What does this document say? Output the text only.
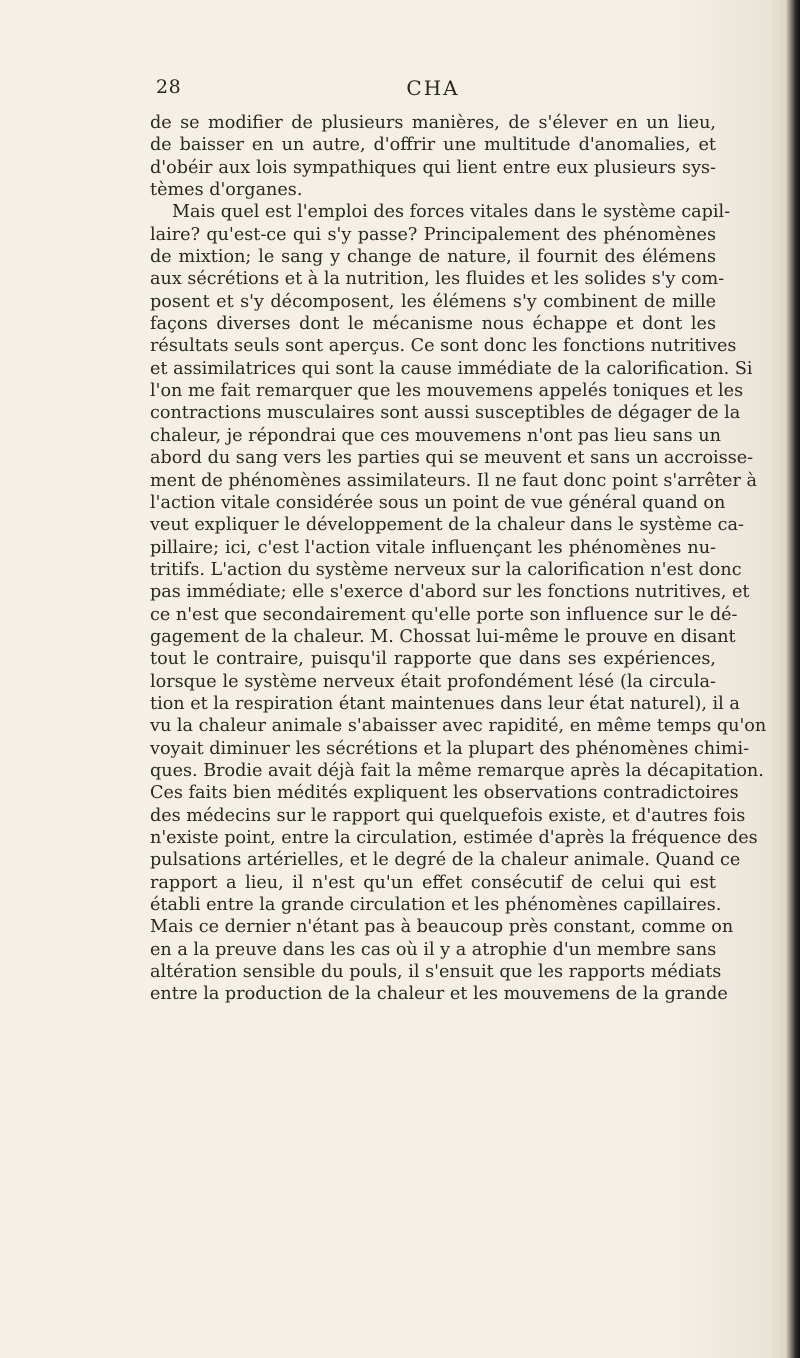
28	CHA
de se modifier de plusieurs manières, de s'élever en un lieu,
de baisser en un autre, d'offrir une multitude d'anomalies, et
d'obéir aux lois sympathiques qui lient entre eux plusieurs sys-
tèmes d'organes.
Mais quel est l'emploi des forces vitales dans le système capil-
laire? qu'est-ce qui s'y passe? Principalement des phénomènes
de mixtion; le sang y change de nature, il fournit des élémens
aux sécrétions et à la nutrition, les fluides et les solides s'y com-
posent et s'y décomposent, les élémens s'y combinent de mille
façons diverses dont le mécanisme nous échappe et dont les
résultats seuls sont aperçus. Ce sont donc les fonctions nutritives
et assimilatrices qui sont la cause immédiate de la calorification. Si
l'on me fait remarquer que les mouvemens appelés toniques et les
contractions musculaires sont aussi susceptibles de dégager de la
chaleur, je répondrai que ces mouvemens n'ont pas lieu sans un
abord du sang vers les parties qui se meuvent et sans un accroisse-
ment de phénomènes assimilateurs. Il ne faut donc point s'arrêter à
l'action vitale considérée sous un point de vue général quand on
veut expliquer le développement de la chaleur dans le système ca-
pillaire; ici, c'est l'action vitale influençant les phénomènes nu-
tritifs. L'action du système nerveux sur la calorification n'est donc
pas immédiate; elle s'exerce d'abord sur les fonctions nutritives, et
ce n'est que secondairement qu'elle porte son influence sur le dé-
gagement de la chaleur. M. Chossat lui-même le prouve en disant
tout le contraire, puisqu'il rapporte que dans ses expériences,
lorsque le système nerveux était profondément lésé (la circula-
tion et la respiration étant maintenues dans leur état naturel), il a
vu la chaleur animale s'abaisser avec rapidité, en même temps qu'on
voyait diminuer les sécrétions et la plupart des phénomènes chimi-
ques. Brodie avait déjà fait la même remarque après la décapitation.
Ces faits bien médités expliquent les observations contradictoires
des médecins sur le rapport qui quelquefois existe, et d'autres fois
n'existe point, entre la circulation, estimée d'après la fréquence des
pulsations artérielles, et le degré de la chaleur animale. Quand ce
rapport a lieu, il n'est qu'un effet consécutif de celui qui est
établi entre la grande circulation et les phénomènes capillaires.
Mais ce dernier n'étant pas à beaucoup près constant, comme on
en a la preuve dans les cas où il y a atrophie d'un membre sans
altération sensible du pouls, il s'ensuit que les rapports médiats
entre la production de la chaleur et les mouvemens de la grande
